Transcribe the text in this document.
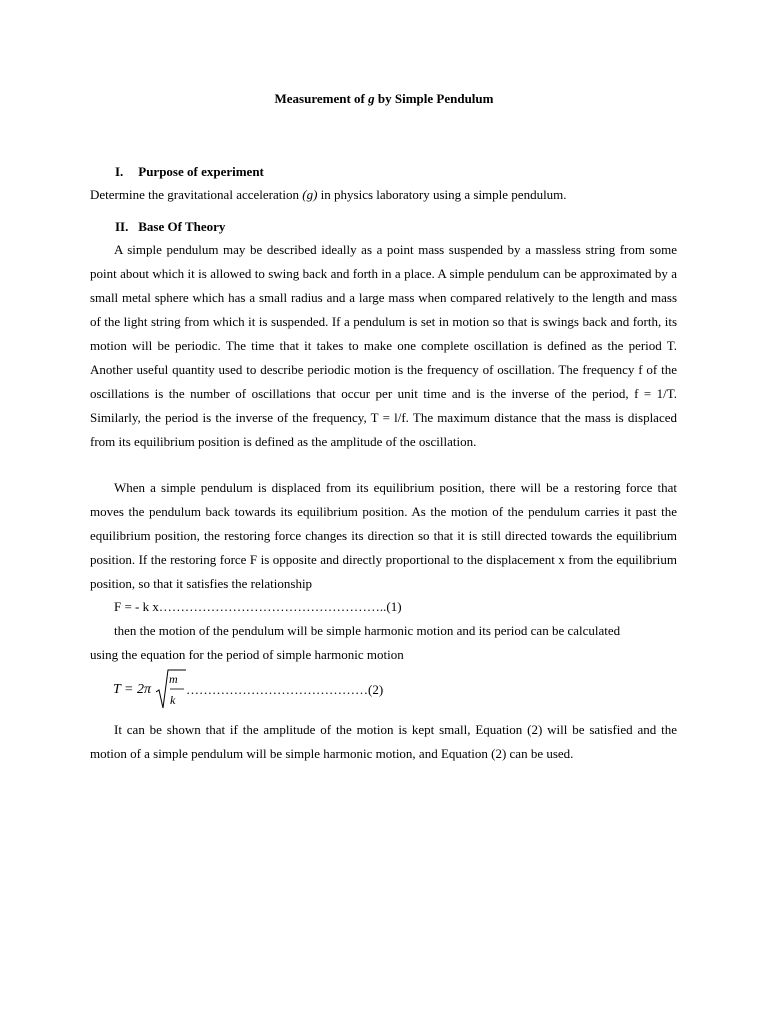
Measurement of g by Simple Pendulum
I. Purpose of experiment
Determine the gravitational acceleration (g) in physics laboratory using a simple pendulum.
II. Base Of Theory

A simple pendulum may be described ideally as a point mass suspended by a massless string from some point about which it is allowed to swing back and forth in a place. A simple pendulum can be approximated by a small metal sphere which has a small radius and a large mass when compared relatively to the length and mass of the light string from which it is suspended. If a pendulum is set in motion so that is swings back and forth, its motion will be periodic. The time that it takes to make one complete oscillation is defined as the period T. Another useful quantity used to describe periodic motion is the frequency of oscillation. The frequency f of the oscillations is the number of oscillations that occur per unit time and is the inverse of the period, f = 1/T. Similarly, the period is the inverse of the frequency, T = l/f. The maximum distance that the mass is displaced from its equilibrium position is defined as the amplitude of the oscillation.

When a simple pendulum is displaced from its equilibrium position, there will be a restoring force that moves the pendulum back towards its equilibrium position. As the motion of the pendulum carries it past the equilibrium position, the restoring force changes its direction so that it is still directed towards the equilibrium position. If the restoring force F is opposite and directly proportional to the displacement x from the equilibrium position, so that it satisfies the relationship

F = - k x……………………………………………..(1)
then the motion of the pendulum will be simple harmonic motion and its period can be calculated
using the equation for the period of simple harmonic motion
T = 2π
m
k
……………………………………(2)

It can be shown that if the amplitude of the motion is kept small, Equation (2) will be satisfied and the motion of a simple pendulum will be simple harmonic motion, and Equation (2) can be used.
